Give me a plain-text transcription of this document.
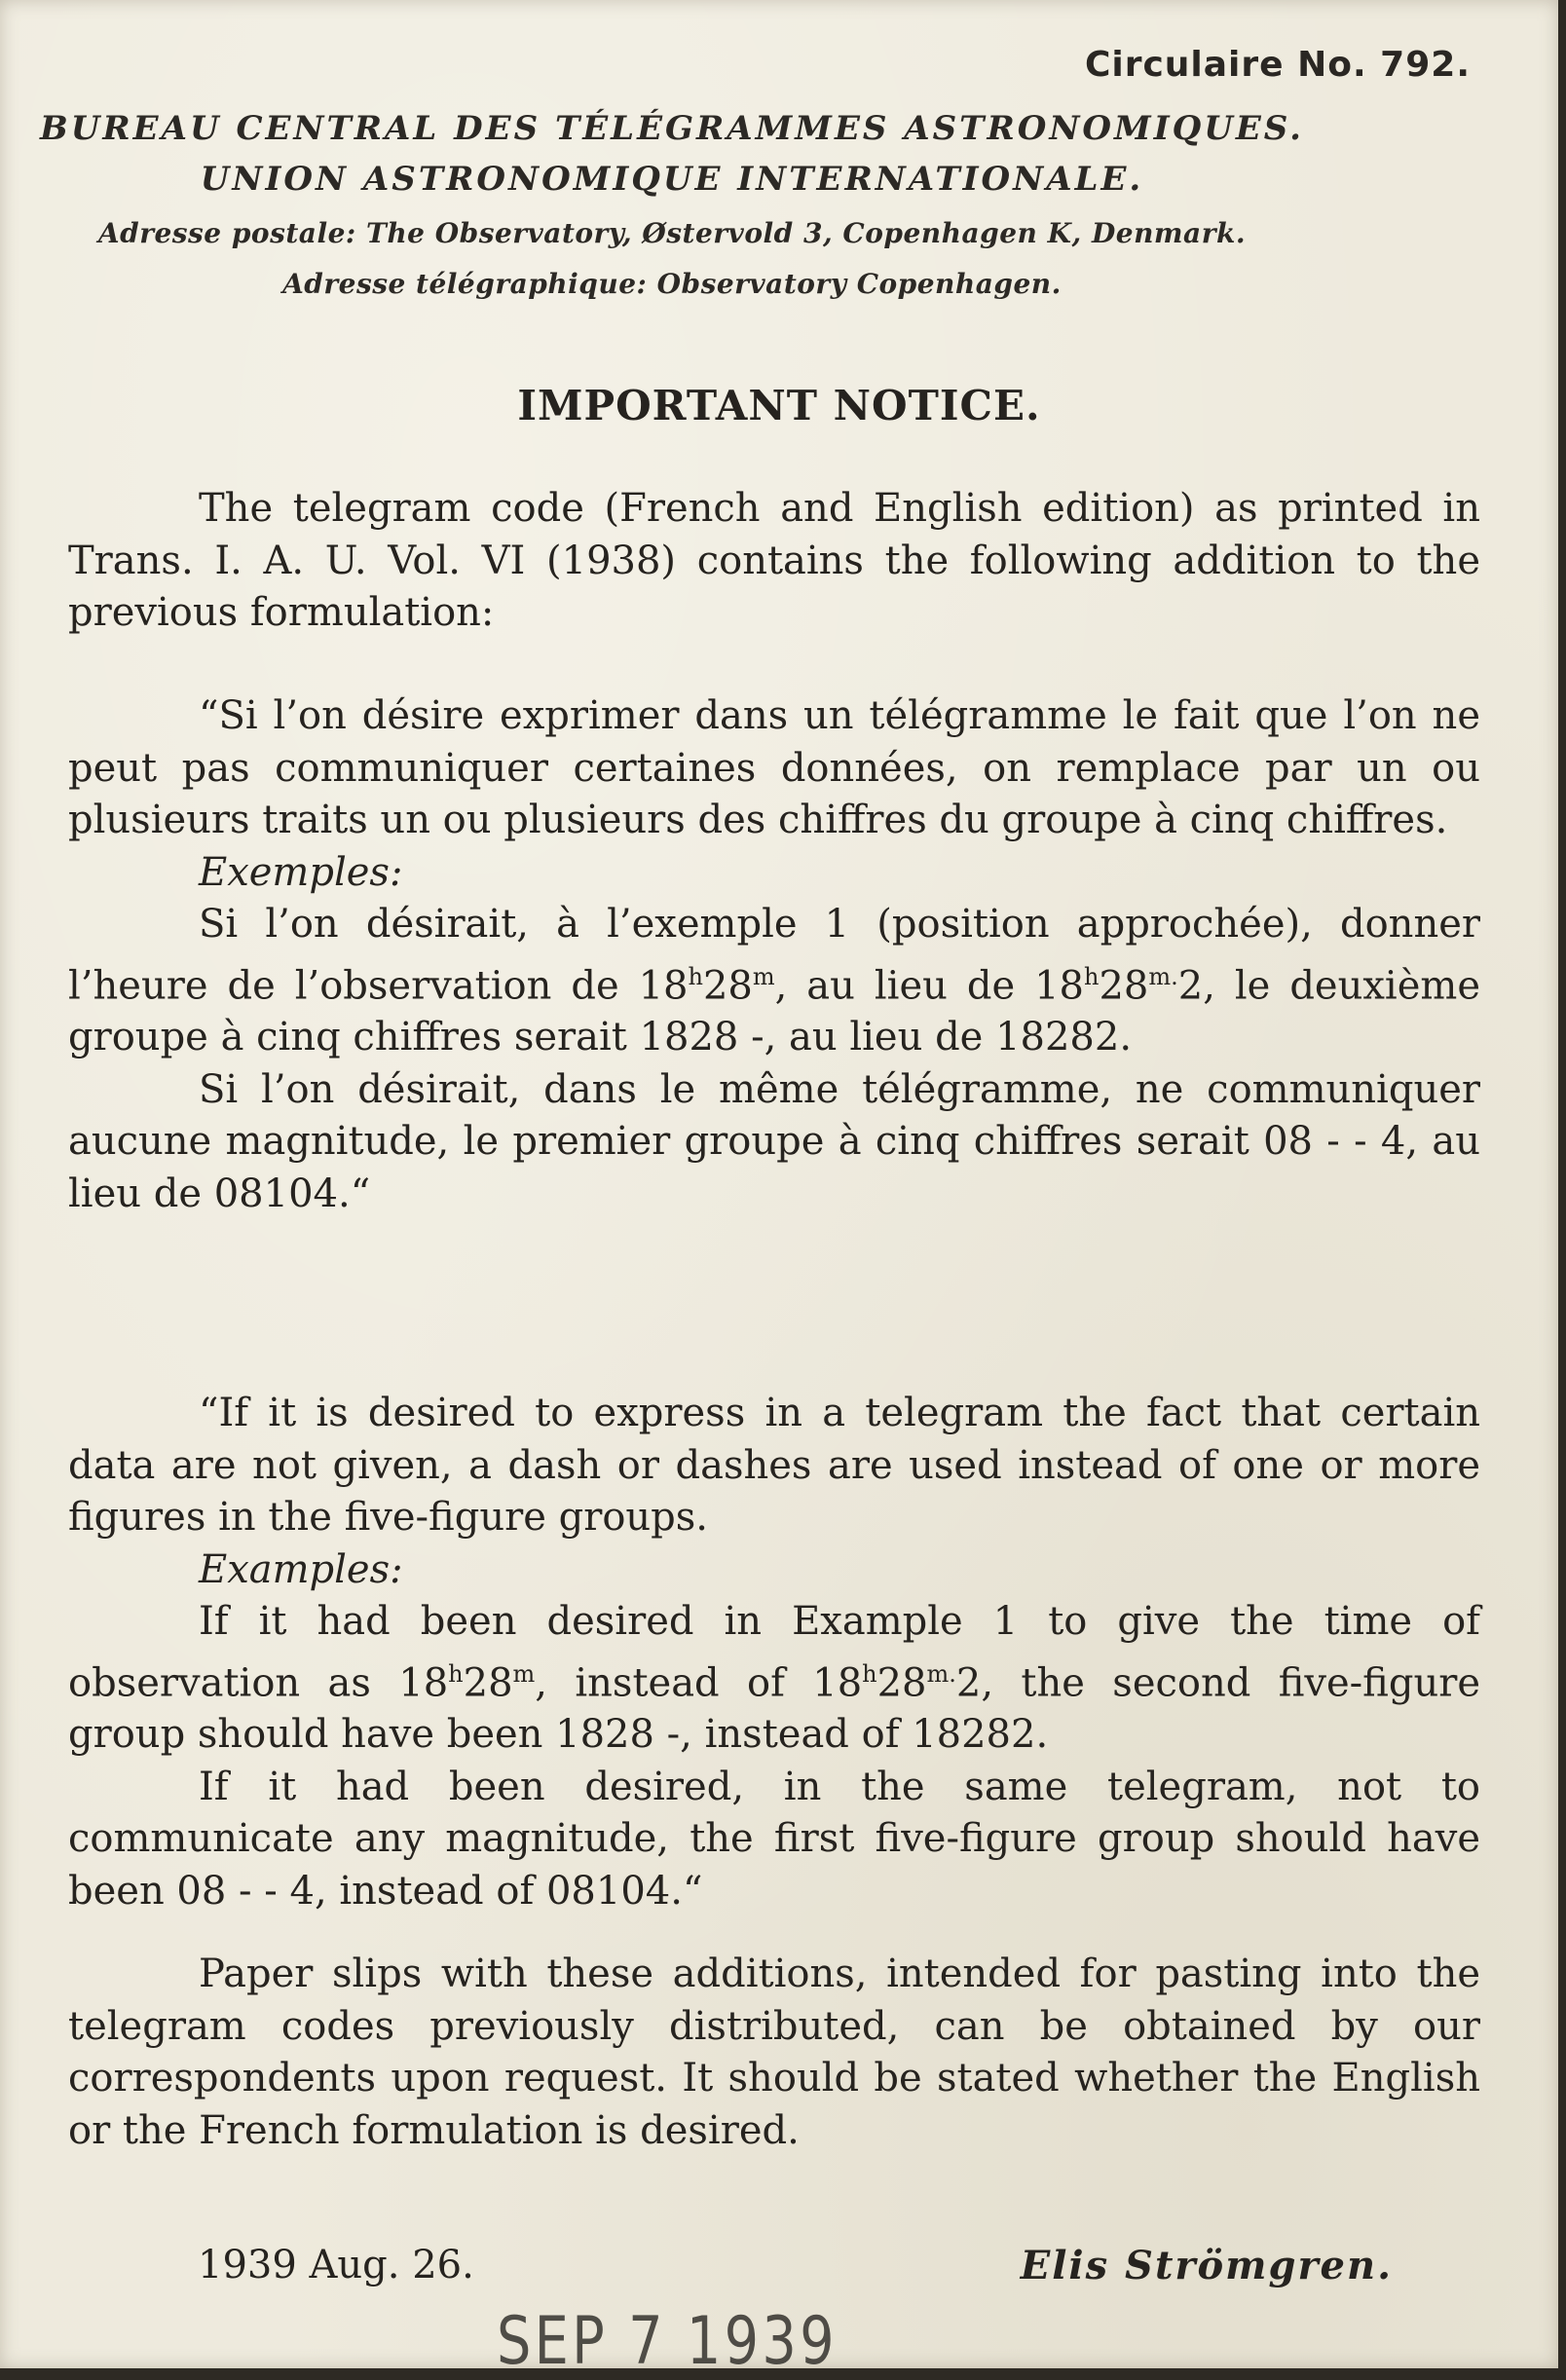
Circulaire No. 792.
BUREAU CENTRAL DES TÉLÉGRAMMES ASTRONOMIQUES.
UNION ASTRONOMIQUE INTERNATIONALE.
Adresse postale: The Observatory, Østervold 3, Copenhagen K, Denmark.
Adresse télégraphique: Observatory Copenhagen.
IMPORTANT NOTICE.

The telegram code (French and English edition) as printed in Trans. I. A. U. Vol. VI (1938) contains the following addition to the previous formulation:

“Si l’on désire exprimer dans un télégramme le fait que l’on ne peut pas communiquer certaines données, on remplace par un ou plusieurs traits un ou plusieurs des chiffres du groupe à cinq chiffres.

Exemples:

Si l’on désirait, à l’exemple 1 (position approchée), donner l’heure de l’observation de 18$^h$28$^m$, au lieu de $18^h28^{m.}2$, le deuxième groupe à cinq chiffres serait 1828 -, au lieu de 18282.

Si l’on désirait, dans le même télégramme, ne communiquer aucune magnitude, le premier groupe à cinq chiffres serait 08 - - 4, au lieu de 08104.“

“If it is desired to express in a telegram the fact that certain data are not given, a dash or dashes are used instead of one or more figures in the five-figure groups.

Examples:

If it had been desired in Example 1 to give the time of observation as 18$^h$28$^m$, instead of $18^h28^{m.}2$, the second five-figure group should have been 1828 -, instead of 18282.

If it had been desired, in the same telegram, not to communicate any magnitude, the first five-figure group should have been 08 - - 4, instead of 08104.“

Paper slips with these additions, intended for pasting into the telegram codes previously distributed, can be obtained by our correspondents upon request. It should be stated whether the English or the French formulation is desired.

1939 Aug. 26.	Elis Strömgren.
SEP 7 1939
